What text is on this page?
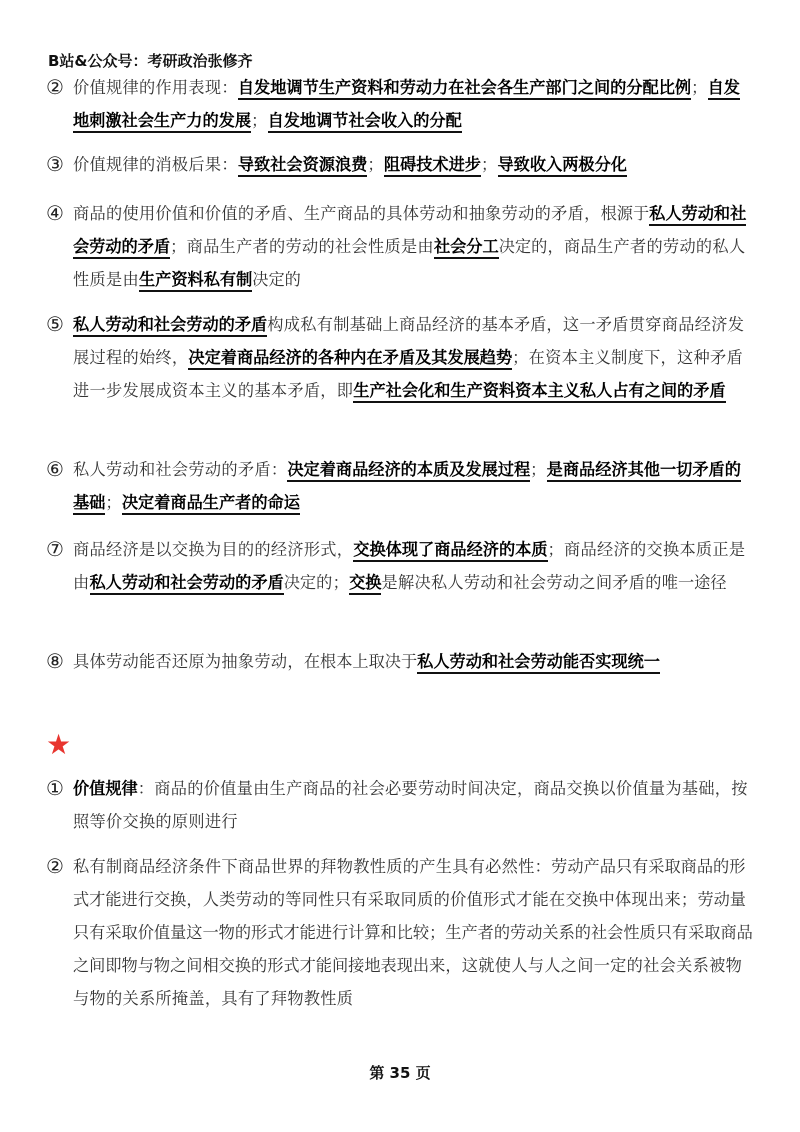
B站&公众号：考研政治张修齐
② 价值规律的作用表现：自发地调节生产资料和劳动力在社会各生产部门之间的分配比例；自发地刺激社会生产力的发展；自发地调节社会收入的分配
③ 价值规律的消极后果：导致社会资源浪费；阻碍技术进步；导致收入两极分化
④ 商品的使用价值和价值的矛盾、生产商品的具体劳动和抽象劳动的矛盾，根源于私人劳动和社会劳动的矛盾；商品生产者的劳动的社会性质是由社会分工决定的，商品生产者的劳动的私人性质是由生产资料私有制决定的
⑤ 私人劳动和社会劳动的矛盾构成私有制基础上商品经济的基本矛盾，这一矛盾贯穿商品经济发展过程的始终，决定着商品经济的各种内在矛盾及其发展趋势；在资本主义制度下，这种矛盾进一步发展成资本主义的基本矛盾，即生产社会化和生产资料资本主义私人占有之间的矛盾
⑥ 私人劳动和社会劳动的矛盾：决定着商品经济的本质及发展过程；是商品经济其他一切矛盾的基础；决定着商品生产者的命运
⑦ 商品经济是以交换为目的的经济形式，交换体现了商品经济的本质；商品经济的交换本质正是由私人劳动和社会劳动的矛盾决定的；交换是解决私人劳动和社会劳动之间矛盾的唯一途径
⑧ 具体劳动能否还原为抽象劳动，在根本上取决于私人劳动和社会劳动能否实现统一
★
① 价值规律：商品的价值量由生产商品的社会必要劳动时间决定，商品交换以价值量为基础，按照等价交换的原则进行
② 私有制商品经济条件下商品世界的拜物教性质的产生具有必然性：劳动产品只有采取商品的形式才能进行交换，人类劳动的等同性只有采取同质的价值形式才能在交换中体现出来；劳动量只有采取价值量这一物的形式才能进行计算和比较；生产者的劳动关系的社会性质只有采取商品之间即物与物之间相交换的形式才能间接地表现出来，这就使人与人之间一定的社会关系被物与物的关系所掩盖，具有了拜物教性质
第 35 页
